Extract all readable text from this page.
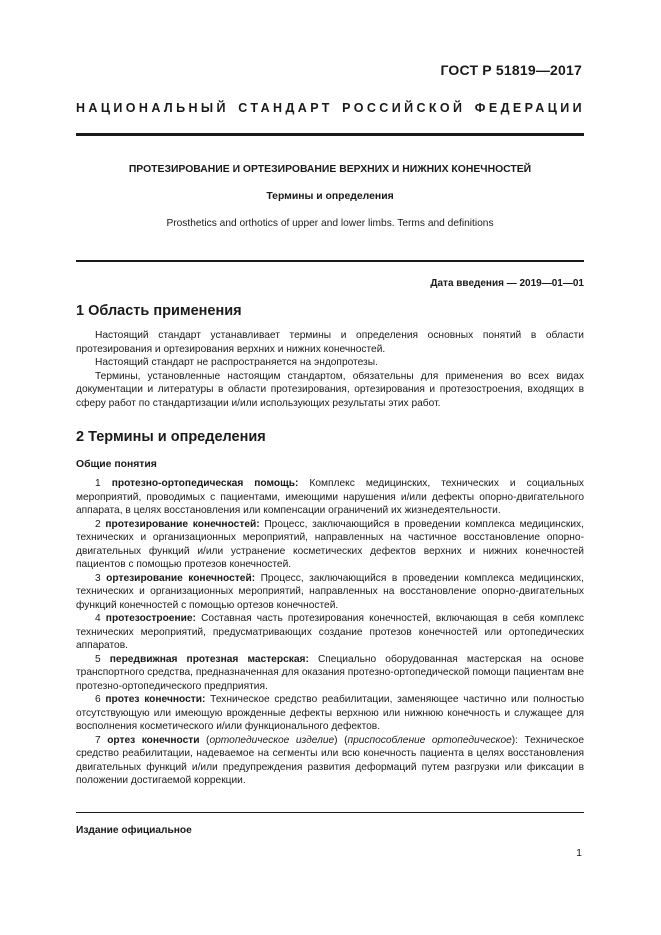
ГОСТ Р 51819—2017
НАЦИОНАЛЬНЫЙ СТАНДАРТ РОССИЙСКОЙ ФЕДЕРАЦИИ
ПРОТЕЗИРОВАНИЕ И ОРТЕЗИРОВАНИЕ ВЕРХНИХ И НИЖНИХ КОНЕЧНОСТЕЙ
Термины и определения
Prosthetics and orthotics of upper and lower limbs. Terms and definitions
Дата введения — 2019—01—01
1 Область применения

Настоящий стандарт устанавливает термины и определения основных понятий в области протезирования и ортезирования верхних и нижних конечностей.

Настоящий стандарт не распространяется на эндопротезы.

Термины, установленные настоящим стандартом, обязательны для применения во всех видах документации и литературы в области протезирования, ортезирования и протезостроения, входящих в сферу работ по стандартизации и/или использующих результаты этих работ.

2 Термины и определения
Общие понятия

1 протезно-ортопедическая помощь: Комплекс медицинских, технических и социальных мероприятий, проводимых с пациентами, имеющими нарушения и/или дефекты опорно-двигательного аппарата, в целях восстановления или компенсации ограничений их жизнедеятельности.

2 протезирование конечностей: Процесс, заключающийся в проведении комплекса медицинских, технических и организационных мероприятий, направленных на частичное восстановление опорно-двигательных функций и/или устранение косметических дефектов верхних и нижних конечностей пациентов с помощью протезов конечностей.

3 ортезирование конечностей: Процесс, заключающийся в проведении комплекса медицинских, технических и организационных мероприятий, направленных на восстановление опорно-двигательных функций конечностей с помощью ортезов конечностей.

4 протезостроение: Составная часть протезирования конечностей, включающая в себя комплекс технических мероприятий, предусматривающих создание протезов конечностей или ортопедических аппаратов.

5 передвижная протезная мастерская: Специально оборудованная мастерская на основе транспортного средства, предназначенная для оказания протезно-ортопедической помощи пациентам вне протезно-ортопедического предприятия.

6 протез конечности: Техническое средство реабилитации, заменяющее частично или полностью отсутствующую или имеющую врожденные дефекты верхнюю или нижнюю конечность и служащее для восполнения косметического и/или функционального дефектов.

7 ортез конечности (ортопедическое изделие) (приспособление ортопедическое): Техническое средство реабилитации, надеваемое на сегменты или всю конечность пациента в целях восстановления двигательных функций и/или предупреждения развития деформаций путем разгрузки или фиксации в положении достигаемой коррекции.

Издание официальное
1
